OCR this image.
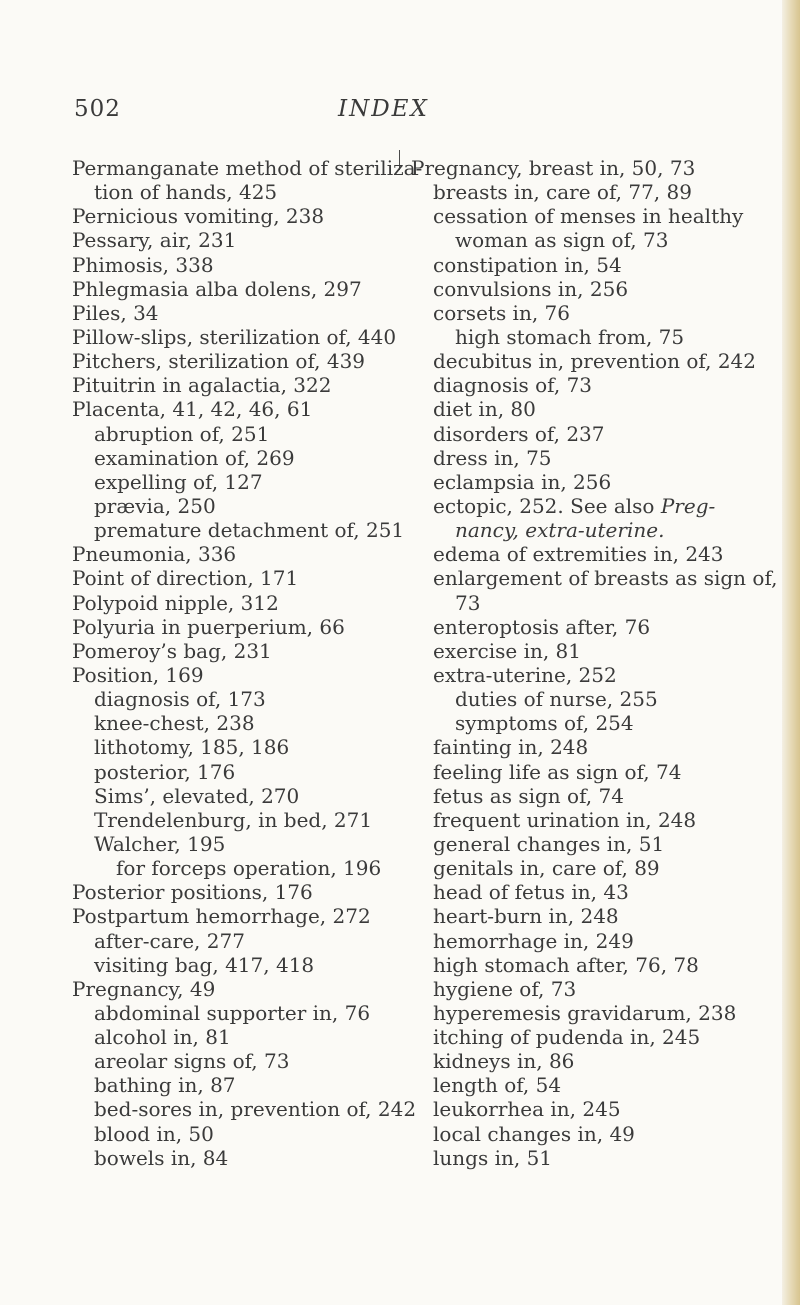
502	INDEX
Permanganate method of steriliza-
tion of hands, 425
Pernicious vomiting, 238
Pessary, air, 231
Phimosis, 338
Phlegmasia alba dolens, 297
Piles, 34
Pillow-slips, sterilization of, 440
Pitchers, sterilization of, 439
Pituitrin in agalactia, 322
Placenta, 41, 42, 46, 61
abruption of, 251
examination of, 269
expelling of, 127
prævia, 250
premature detachment of, 251
Pneumonia, 336
Point of direction, 171
Polypoid nipple, 312
Polyuria in puerperium, 66
Pomeroy’s bag, 231
Position, 169
diagnosis of, 173
knee-chest, 238
lithotomy, 185, 186
posterior, 176
Sims’, elevated, 270
Trendelenburg, in bed, 271
Walcher, 195
for forceps operation, 196
Posterior positions, 176
Postpartum hemorrhage, 272
after-care, 277
visiting bag, 417, 418
Pregnancy, 49
abdominal supporter in, 76
alcohol in, 81
areolar signs of, 73
bathing in, 87
bed-sores in, prevention of, 242
blood in, 50
bowels in, 84
Pregnancy, breast in, 50, 73
breasts in, care of, 77, 89
cessation of menses in healthy
woman as sign of, 73
constipation in, 54
convulsions in, 256
corsets in, 76
high stomach from, 75
decubitus in, prevention of, 242
diagnosis of, 73
diet in, 80
disorders of, 237
dress in, 75
eclampsia in, 256
ectopic, 252. See also Preg-
nancy, extra-uterine.
edema of extremities in, 243
enlargement of breasts as sign of,
73
enteroptosis after, 76
exercise in, 81
extra-uterine, 252
duties of nurse, 255
symptoms of, 254
fainting in, 248
feeling life as sign of, 74
fetus as sign of, 74
frequent urination in, 248
general changes in, 51
genitals in, care of, 89
head of fetus in, 43
heart-burn in, 248
hemorrhage in, 249
high stomach after, 76, 78
hygiene of, 73
hyperemesis gravidarum, 238
itching of pudenda in, 245
kidneys in, 86
length of, 54
leukorrhea in, 245
local changes in, 49
lungs in, 51
